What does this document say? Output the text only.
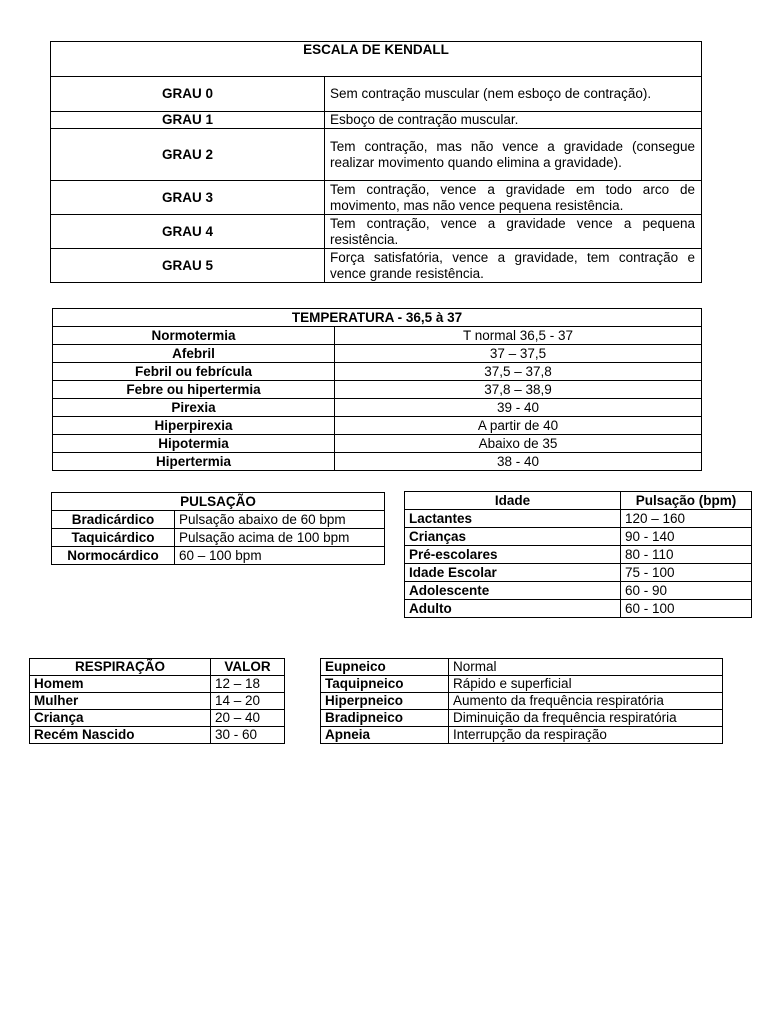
ESCALA DE KENDALL	
GRAU 0	Sem contração muscular (nem esboço de contração).
GRAU 1	Esboço de contração muscular.
GRAU 2	Tem contração, mas não vence a gravidade (consegue realizar movimento quando elimina a gravidade).
GRAU 3	Tem contração, vence a gravidade em todo arco de movimento, mas não vence pequena resistência.
GRAU 4	Tem contração, vence a gravidade vence a pequena resistência.
GRAU 5	Força satisfatória, vence a gravidade, tem contração e vence grande resistência.
TEMPERATURA - 36,5 à 37	
Normotermia	T normal 36,5 - 37
Afebril	37 – 37,5
Febril ou febrícula	37,5 – 37,8
Febre ou hipertermia	37,8 – 38,9
Pirexia	39 - 40
Hiperpirexia	A partir de 40
Hipotermia	Abaixo de 35
Hipertermia	38 - 40
PULSAÇÃO	
Bradicárdico	Pulsação abaixo de 60 bpm
Taquicárdico	Pulsação acima de 100 bpm
Normocárdico	60 – 100 bpm
Idade	Pulsação (bpm)
Lactantes	120 – 160
Crianças	90 - 140
Pré-escolares	80 - 110
Idade Escolar	75 - 100
Adolescente	60 - 90
Adulto	60 - 100
RESPIRAÇÃO	VALOR
Homem	12 – 18
Mulher	14 – 20
Criança	20 – 40
Recém Nascido	30 - 60
Eupneico	Normal
Taquipneico	Rápido e superficial
Hiperpneico	Aumento da frequência respiratória
Bradipneico	Diminuição da frequência respiratória
Apneia	Interrupção da respiração
